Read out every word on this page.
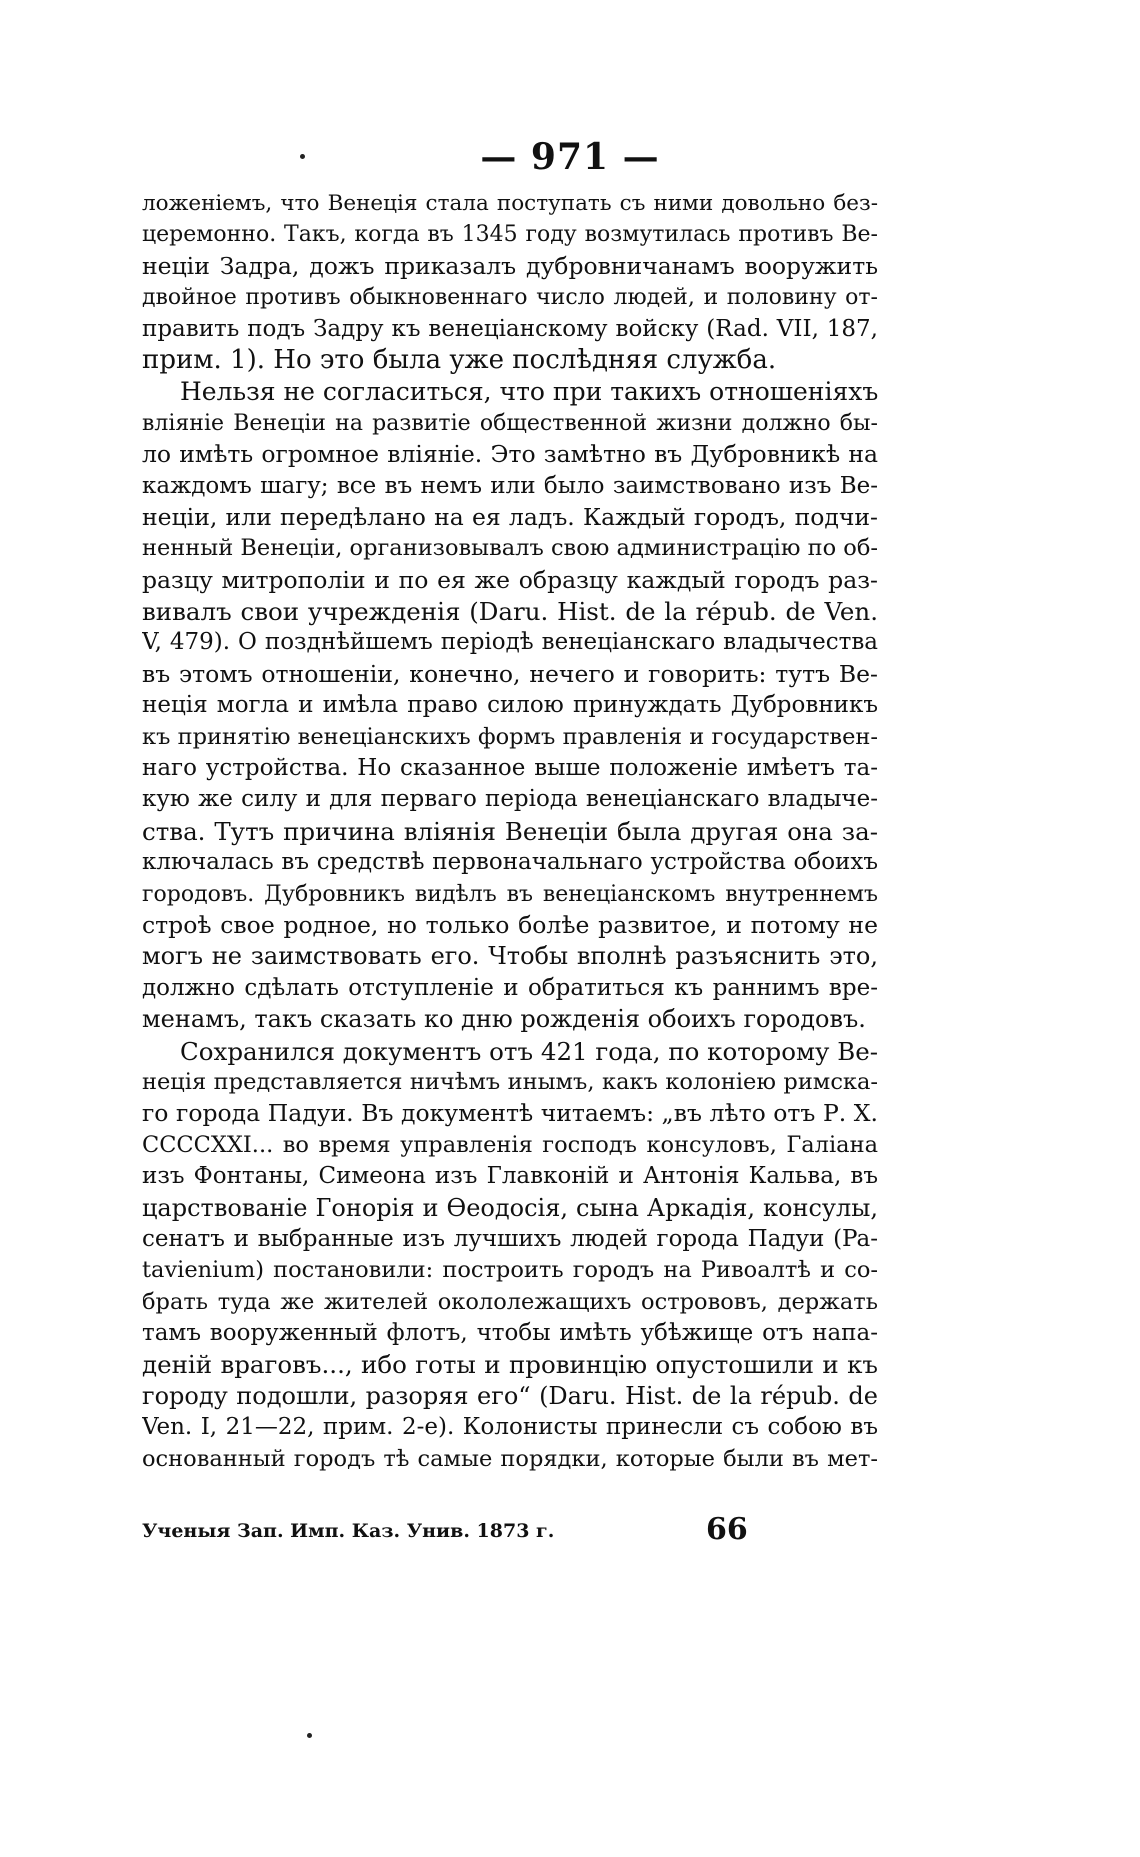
— 971 —
ложеніемъ, что Венеція стала поступать съ ними довольно без-
церемонно. Такъ, когда въ 1345 году возмутилась противъ Ве-
неціи Задра, дожъ приказалъ дубровничанамъ вооружить
двойное противъ обыкновеннаго число людей, и половину от-
править подъ Задру къ венеціанскому войску (Rad. VII, 187,
прим. 1). Но это была уже послѣдняя служба.
Нельзя не согласиться, что при такихъ отношеніяхъ
вліяніе Венеціи на развитіе общественной жизни должно бы-
ло имѣть огромное вліяніе. Это замѣтно въ Дубровникѣ на
каждомъ шагу; все въ немъ или было заимствовано изъ Ве-
неціи, или передѣлано на ея ладъ. Каждый городъ, подчи-
ненный Венеціи, организовывалъ свою администрацію по об-
разцу митрополіи и по ея же образцу каждый городъ раз-
вивалъ свои учрежденія (Daru. Hist. de la répub. de Ven.
V, 479). О позднѣйшемъ періодѣ венеціанскаго владычества
въ этомъ отношеніи, конечно, нечего и говорить: тутъ Ве-
неція могла и имѣла право силою принуждать Дубровникъ
къ принятію венеціанскихъ формъ правленія и государствен-
наго устройства. Но сказанное выше положеніе имѣетъ та-
кую же силу и для перваго періода венеціанскаго владыче-
ства. Тутъ причина вліянія Венеціи была другая она за-
ключалась въ средствѣ первоначальнаго устройства обоихъ
городовъ. Дубровникъ видѣлъ въ венеціанскомъ внутреннемъ
строѣ свое родное, но только болѣе развитое, и потому не
могъ не заимствовать его. Чтобы вполнѣ разъяснить это,
должно сдѣлать отступленіе и обратиться къ раннимъ вре-
менамъ, такъ сказать ко дню рожденія обоихъ городовъ.
Сохранился документъ отъ 421 года, по которому Ве-
неція представляется ничѣмъ инымъ, какъ колоніею римска-
го города Падуи. Въ документѣ читаемъ: „въ лѣто отъ Р. Х.
CCCCXXI... во время управленія господъ консуловъ, Галіана
изъ Фонтаны, Симеона изъ Главконій и Антонія Кальва, въ
царствованіе Гонорія и Өеодосія, сына Аркадія, консулы,
сенатъ и выбранные изъ лучшихъ людей города Падуи (Pa-
tavienium) постановили: построить городъ на Ривоалтѣ и со-
брать туда же жителей окололежащихъ острововъ, держать
тамъ вооруженный флотъ, чтобы имѣть убѣжище отъ напа-
деній враговъ..., ибо готы и провинцію опустошили и къ
городу подошли, разоряя его“ (Daru. Hist. de la répub. de
Ven. I, 21—22, прим. 2-е). Колонисты принесли съ собою въ
основанный городъ тѣ самые порядки, которые были въ мет-
Ученыя Зап. Имп. Каз. Унив. 1873 г.	66
